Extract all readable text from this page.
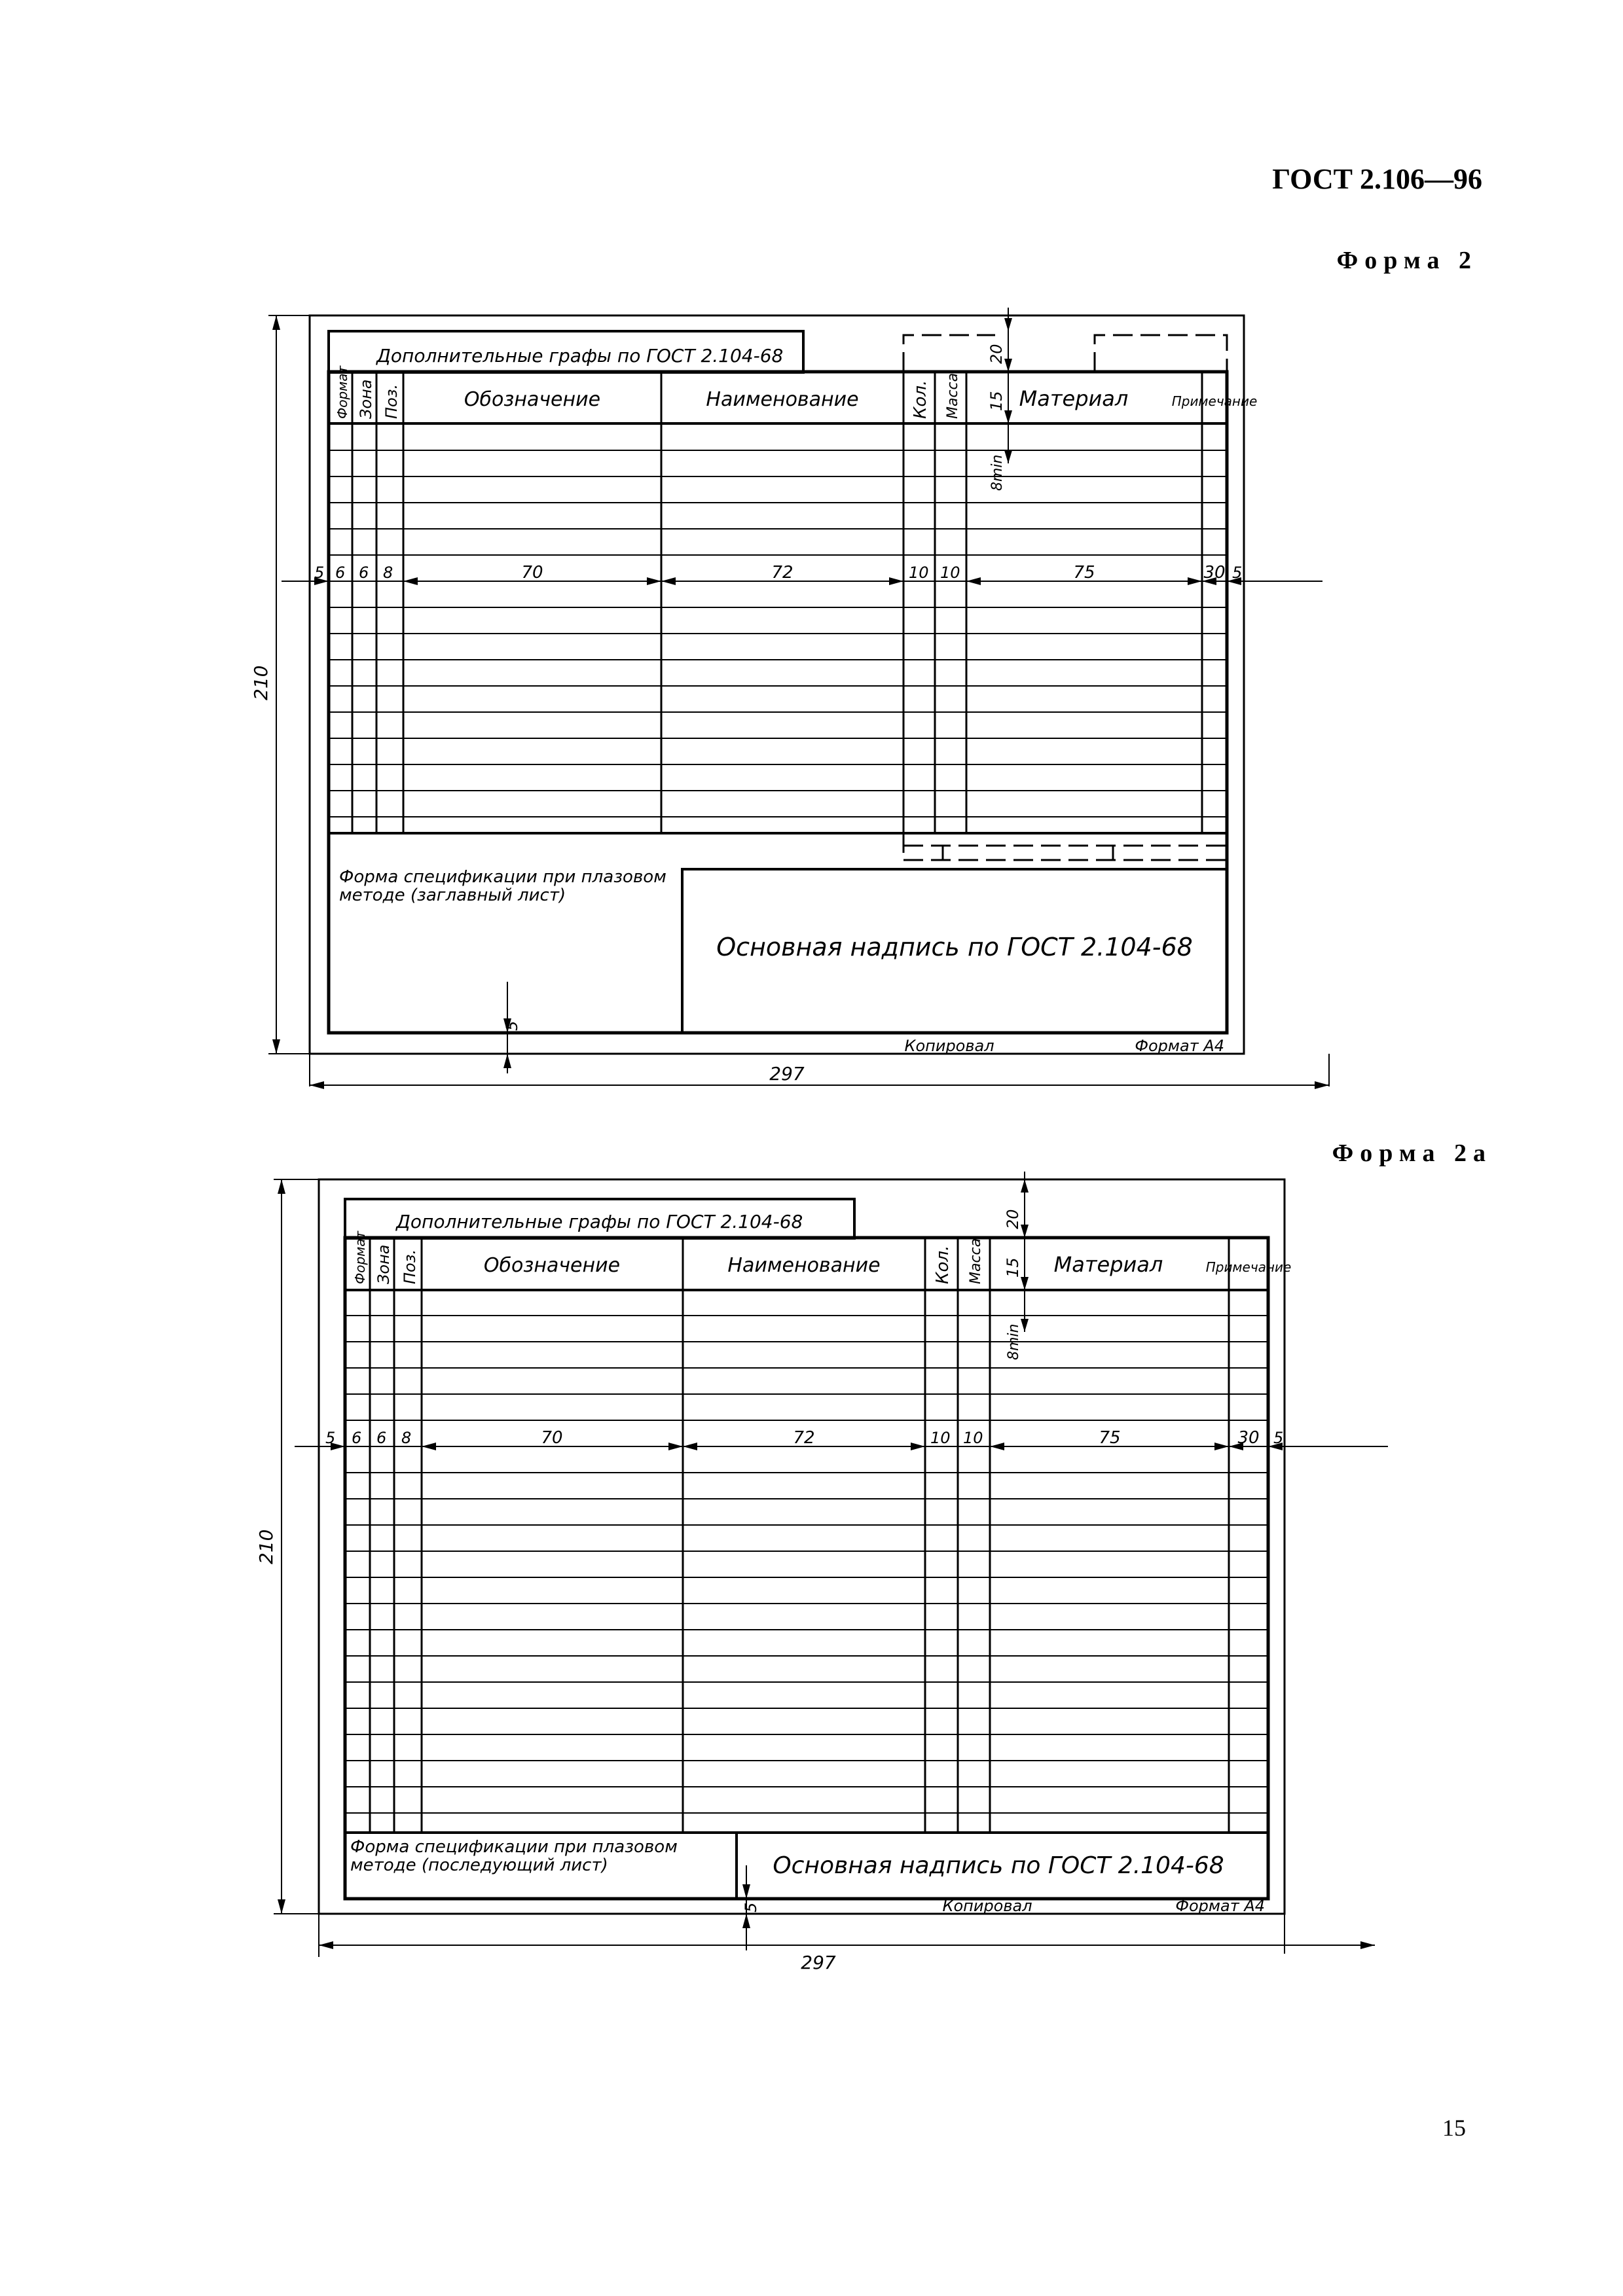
ГОСТ 2.106—96
Форма 2
Дополнительные графы по ГОСТ 2.104-68
Формат Зона Поз.	Обозначение	Наименование	Кол. Масса	Материал	Примечание
20
15
8min
5 6 6 8	70	72	10 10	75	30 5
Форма спецификации при плазовом методе (заглавный лист)
Основная надпись по ГОСТ 2.104-68
Копировал	Формат А4
5
210
297
Форма 2а
Дополнительные графы по ГОСТ 2.104-68
Формат Зона Поз.	Обозначение	Наименование	Кол. Масса	Материал	Примечание
20
15
8min
5 6 6 8	70	72	10 10	75	30 5
Форма спецификации при плазовом методе (последующий лист)	Основная надпись по ГОСТ 2.104-68
Копировал	Формат А4
5
210
297
15
